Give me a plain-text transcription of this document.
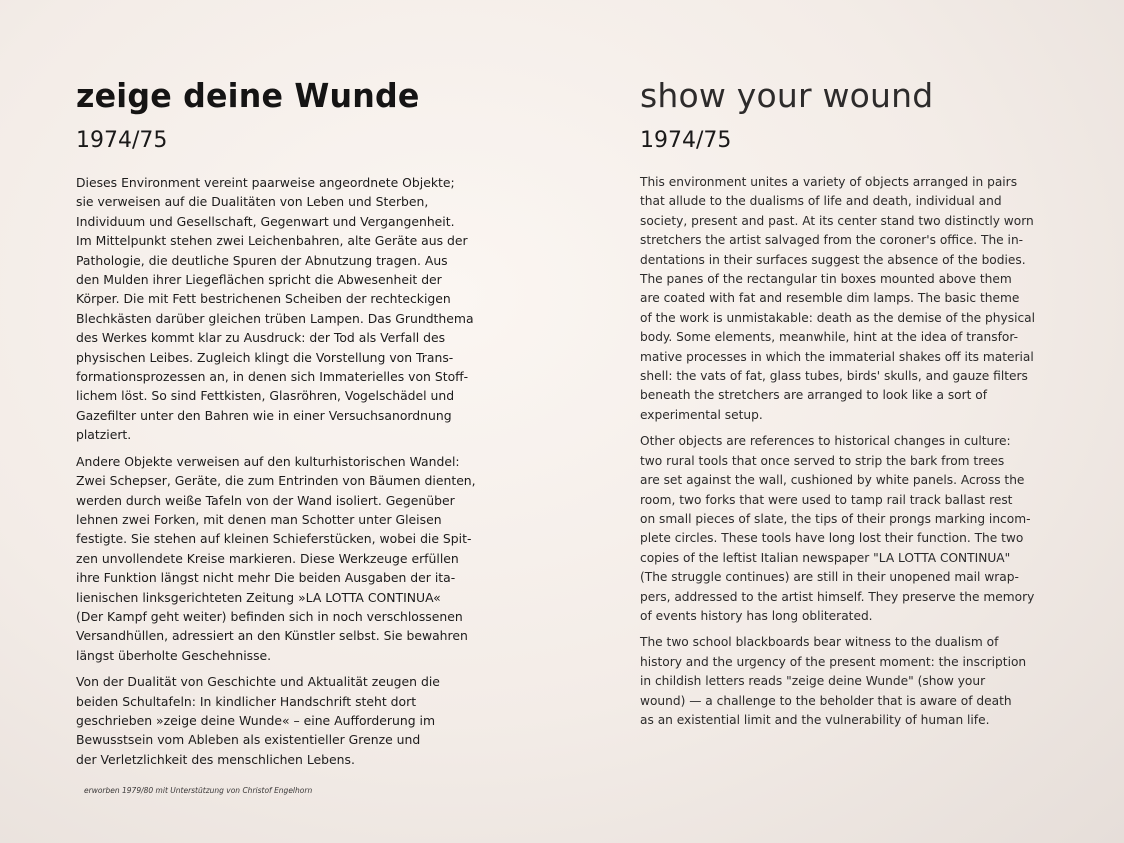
zeige deine Wunde
1974/75

Dieses Environment vereint paarweise angeordnete Objekte;
sie verweisen auf die Dualitäten von Leben und Sterben,
Individuum und Gesellschaft, Gegenwart und Vergangenheit.
Im Mittelpunkt stehen zwei Leichenbahren, alte Geräte aus der
Pathologie, die deutliche Spuren der Abnutzung tragen. Aus
den Mulden ihrer Liegeflächen spricht die Abwesenheit der
Körper. Die mit Fett bestrichenen Scheiben der rechteckigen
Blechkästen darüber gleichen trüben Lampen. Das Grundthema
des Werkes kommt klar zu Ausdruck: der Tod als Verfall des
physischen Leibes. Zugleich klingt die Vorstellung von Trans-
formationsprozessen an, in denen sich Immaterielles von Stoff-
lichem löst. So sind Fettkisten, Glasröhren, Vogelschädel und
Gazefilter unter den Bahren wie in einer Versuchsanordnung
platziert.

Andere Objekte verweisen auf den kulturhistorischen Wandel:
Zwei Schepser, Geräte, die zum Entrinden von Bäumen dienten,
werden durch weiße Tafeln von der Wand isoliert. Gegenüber
lehnen zwei Forken, mit denen man Schotter unter Gleisen
festigte. Sie stehen auf kleinen Schieferstücken, wobei die Spit-
zen unvollendete Kreise markieren. Diese Werkzeuge erfüllen
ihre Funktion längst nicht mehr Die beiden Ausgaben der ita-
lienischen linksgerichteten Zeitung »LA LOTTA CONTINUA«
(Der Kampf geht weiter) befinden sich in noch verschlossenen
Versandhüllen, adressiert an den Künstler selbst. Sie bewahren
längst überholte Geschehnisse.

Von der Dualität von Geschichte und Aktualität zeugen die
beiden Schultafeln: In kindlicher Handschrift steht dort
geschrieben »zeige deine Wunde« – eine Aufforderung im
Bewusstsein vom Ableben als existentieller Grenze und
der Verletzlichkeit des menschlichen Lebens.

erworben 1979/80 mit Unterstützung von Christof Engelhorn
show your wound
1974/75

This environment unites a variety of objects arranged in pairs
that allude to the dualisms of life and death, individual and
society, present and past. At its center stand two distinctly worn
stretchers the artist salvaged from the coroner's office. The in-
dentations in their surfaces suggest the absence of the bodies.
The panes of the rectangular tin boxes mounted above them
are coated with fat and resemble dim lamps. The basic theme
of the work is unmistakable: death as the demise of the physical
body. Some elements, meanwhile, hint at the idea of transfor-
mative processes in which the immaterial shakes off its material
shell: the vats of fat, glass tubes, birds' skulls, and gauze filters
beneath the stretchers are arranged to look like a sort of
experimental setup.

Other objects are references to historical changes in culture:
two rural tools that once served to strip the bark from trees
are set against the wall, cushioned by white panels. Across the
room, two forks that were used to tamp rail track ballast rest
on small pieces of slate, the tips of their prongs marking incom-
plete circles. These tools have long lost their function. The two
copies of the leftist Italian newspaper "LA LOTTA CONTINUA"
(The struggle continues) are still in their unopened mail wrap-
pers, addressed to the artist himself. They preserve the memory
of events history has long obliterated.

The two school blackboards bear witness to the dualism of
history and the urgency of the present moment: the inscription
in childish letters reads "zeige deine Wunde" (show your
wound) — a challenge to the beholder that is aware of death
as an existential limit and the vulnerability of human life.
